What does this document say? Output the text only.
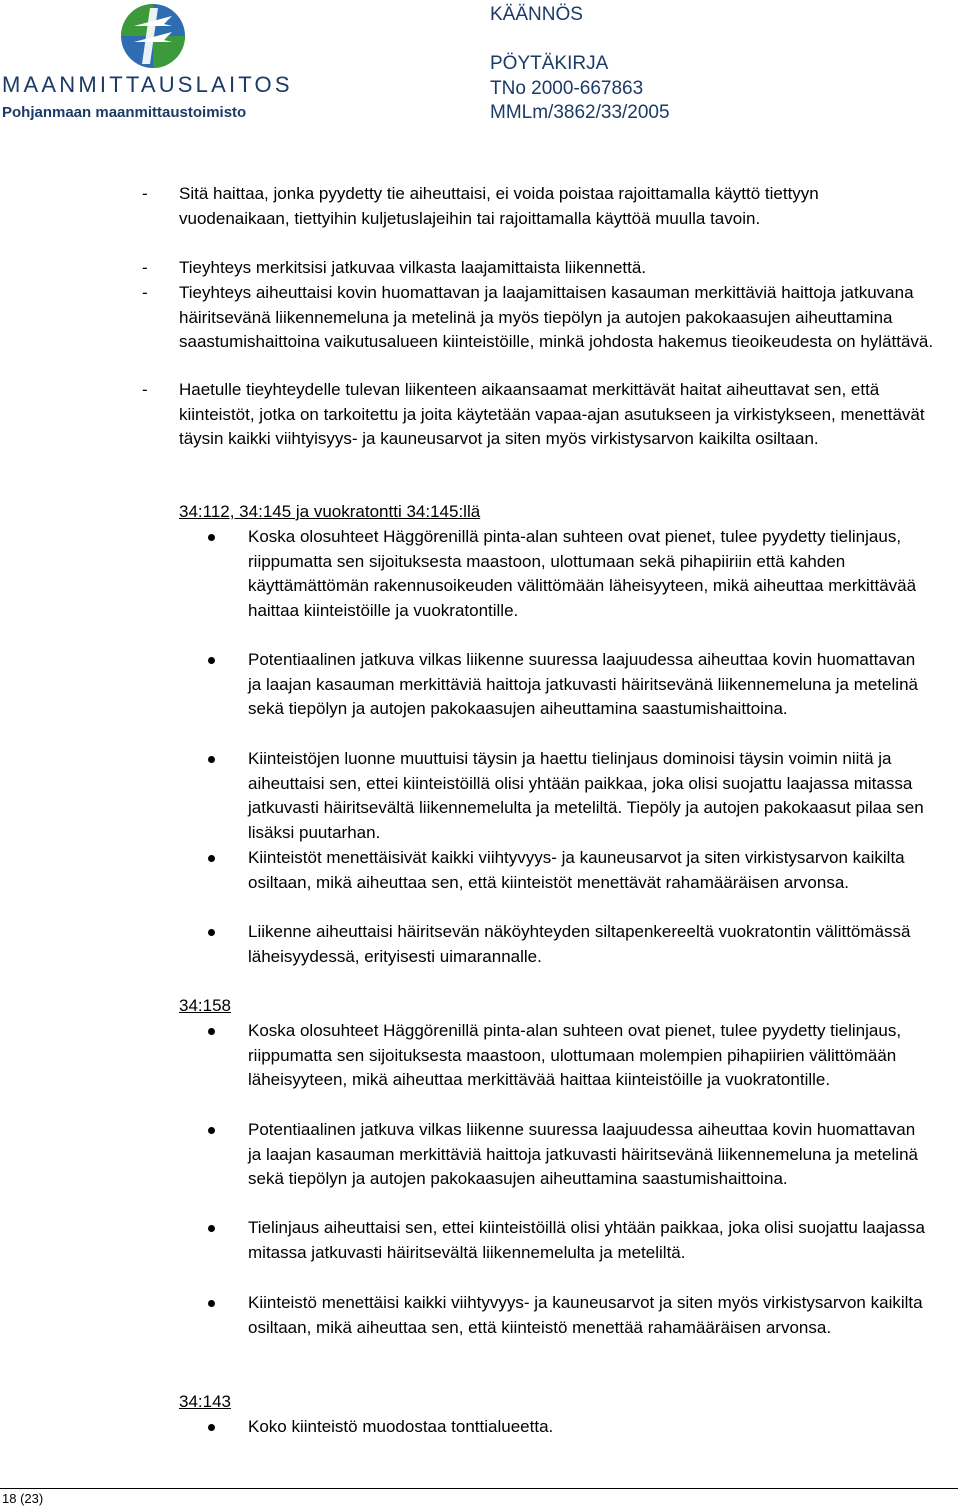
MAANMITTAUSLAITOS
Pohjanmaan maanmittaustoimisto
KÄÄNNÖS
PÖYTÄKIRJA
TNo 2000-667863
MMLm/3862/33/2005
- Sitä haittaa, jonka pyydetty tie aiheuttaisi, ei voida poistaa rajoittamalla käyttö tiettyyn vuodenaikaan, tiettyihin kuljetuslajeihin tai rajoittamalla käyttöä muulla tavoin.
- Tieyhteys merkitsisi jatkuvaa vilkasta laajamittaista liikennettä.
- Tieyhteys aiheuttaisi kovin huomattavan ja laajamittaisen kasauman merkittäviä haittoja jatkuvana häiritsevänä liikennemeluna ja metelinä ja myös tiepölyn ja autojen pakokaasujen aiheuttamina saastumishaittoina vaikutusalueen kiinteistöille, minkä johdosta hakemus tieoikeudesta on hylättävä.
- Haetulle tieyhteydelle tulevan liikenteen aikaansaamat merkittävät haitat aiheuttavat sen, että kiinteistöt, jotka on tarkoitettu ja joita käytetään vapaa-ajan asutukseen ja virkistykseen, menettävät täysin kaikki viihtyisyys- ja kauneusarvot ja siten myös virkistysarvon kaikilta osiltaan.
34:112, 34:145 ja vuokratontti 34:145:llä
Koska olosuhteet Häggörenillä pinta-alan suhteen ovat pienet, tulee pyydetty tielinjaus, riippumatta sen sijoituksesta maastoon, ulottumaan sekä pihapiiriin että kahden käyttämättömän rakennusoikeuden välittömään läheisyyteen, mikä aiheuttaa merkittävää haittaa kiinteistöille ja vuokratontille.
Potentiaalinen jatkuva vilkas liikenne suuressa laajuudessa aiheuttaa kovin huomattavan ja laajan kasauman merkittäviä haittoja jatkuvasti häiritsevänä liikennemeluna ja metelinä sekä tiepölyn ja autojen pakokaasujen aiheuttamina saastumishaittoina.
Kiinteistöjen luonne muuttuisi täysin ja haettu tielinjaus dominoisi täysin voimin niitä ja aiheuttaisi sen, ettei kiinteistöillä olisi yhtään paikkaa, joka olisi suojattu laajassa mitassa jatkuvasti häiritsevältä liikennemelulta ja meteliltä. Tiepöly ja autojen pakokaasut pilaa sen lisäksi puutarhan.
Kiinteistöt menettäisivät kaikki viihtyvyys- ja kauneusarvot ja siten virkistysarvon kaikilta osiltaan, mikä aiheuttaa sen, että kiinteistöt menettävät rahamääräisen arvonsa.
Liikenne aiheuttaisi häiritsevän näköyhteyden siltapenkereeltä vuokratontin välittömässä läheisyydessä, erityisesti uimarannalle.
34:158
Koska olosuhteet Häggörenillä pinta-alan suhteen ovat pienet, tulee pyydetty tielinjaus, riippumatta sen sijoituksesta maastoon, ulottumaan molempien pihapiirien välittömään läheisyyteen, mikä aiheuttaa merkittävää haittaa kiinteistöille ja vuokratontille.
Potentiaalinen jatkuva vilkas liikenne suuressa laajuudessa aiheuttaa kovin huomattavan ja laajan kasauman merkittäviä haittoja jatkuvasti häiritsevänä liikennemeluna ja metelinä sekä tiepölyn ja autojen pakokaasujen aiheuttamina saastumishaittoina.
Tielinjaus aiheuttaisi sen, ettei kiinteistöillä olisi yhtään paikkaa, joka olisi suojattu laajassa mitassa jatkuvasti häiritsevältä liikennemelulta ja meteliltä.
Kiinteistö menettäisi kaikki viihtyvyys- ja kauneusarvot ja siten myös virkistysarvon kaikilta osiltaan, mikä aiheuttaa sen, että kiinteistö menettää rahamääräisen arvonsa.
34:143
Koko kiinteistö muodostaa tonttialueetta.
18 (23)
